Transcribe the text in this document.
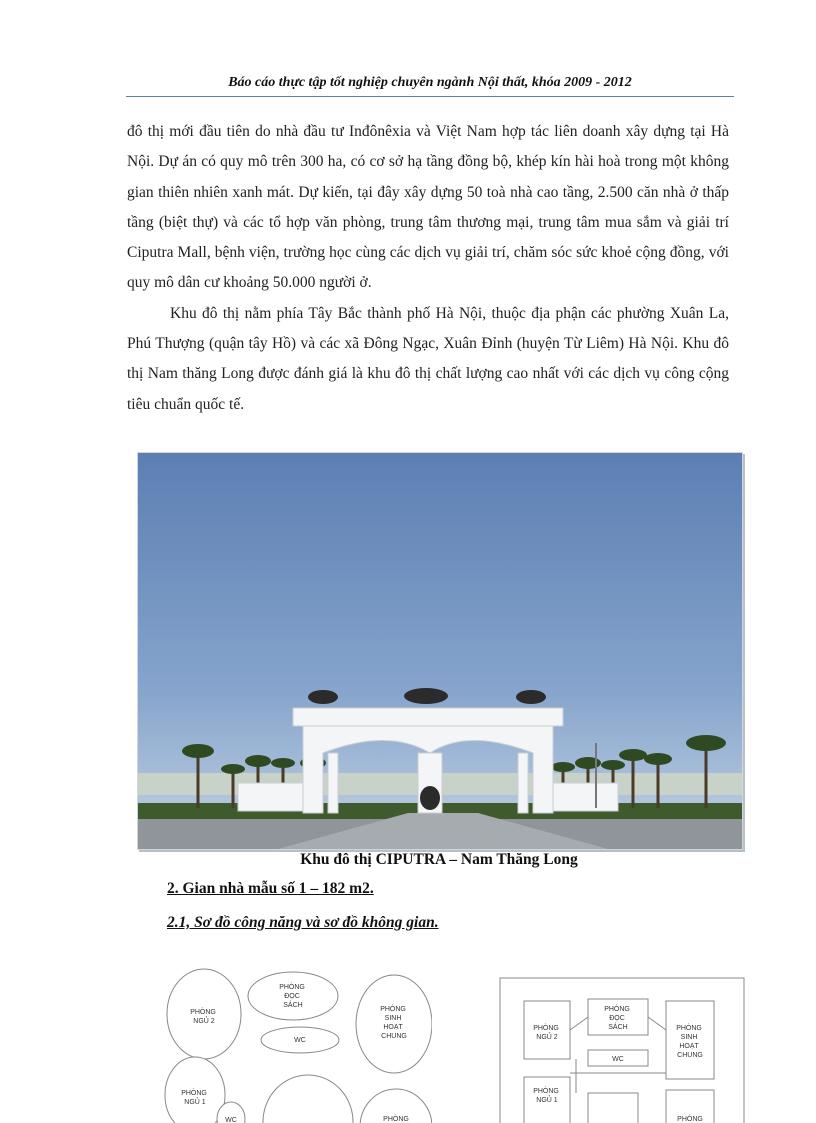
Báo cáo thực tập tốt nghiệp chuyên ngành Nội thất, khóa 2009 - 2012

đô thị mới đầu tiên do nhà đầu tư Inđônêxia và Việt Nam hợp tác liên doanh xây dựng tại Hà Nội. Dự án có quy mô trên 300 ha, có cơ sở hạ tầng đồng bộ, khép kín hài hoà trong một không gian thiên nhiên xanh mát. Dự kiến, tại đây xây dựng 50 toà nhà cao tầng, 2.500 căn nhà ở thấp tầng (biệt thự) và các tổ hợp văn phòng, trung tâm thương mại, trung tâm mua sắm và giải trí Ciputra Mall, bệnh viện, trường học cùng các dịch vụ giải trí, chăm sóc sức khoẻ cộng đồng, với quy mô dân cư khoảng 50.000 người ở.

Khu đô thị nằm phía Tây Bắc thành phố Hà Nội, thuộc địa phận các phường Xuân La, Phú Thượng (quận tây Hồ) và các xã Đông Ngạc, Xuân Đỉnh (huyện Từ Liêm) Hà Nội. Khu đô thị Nam thăng Long được đánh giá là khu đô thị chất lượng cao nhất với các dịch vụ công cộng tiêu chuẩn quốc tế.

Khu đô thị CIPUTRA – Nam Thăng Long
2. Gian nhà mẫu số 1 – 182 m2.
2.1, Sơ đồ công năng và sơ đồ không gian.
PHÒNG NGỦ 2
PHÒNG ĐỌC SÁCH
WC
PHÒNG SINH HOẠT CHUNG
PHÒNG NGỦ 1
WC	PHÒNG
PHÒNG NGỦ 2
PHÒNG ĐỌC SÁCH
WC
PHÒNG SINH HOẠT CHUNG
PHÒNG NGỦ 1
PHÒNG
